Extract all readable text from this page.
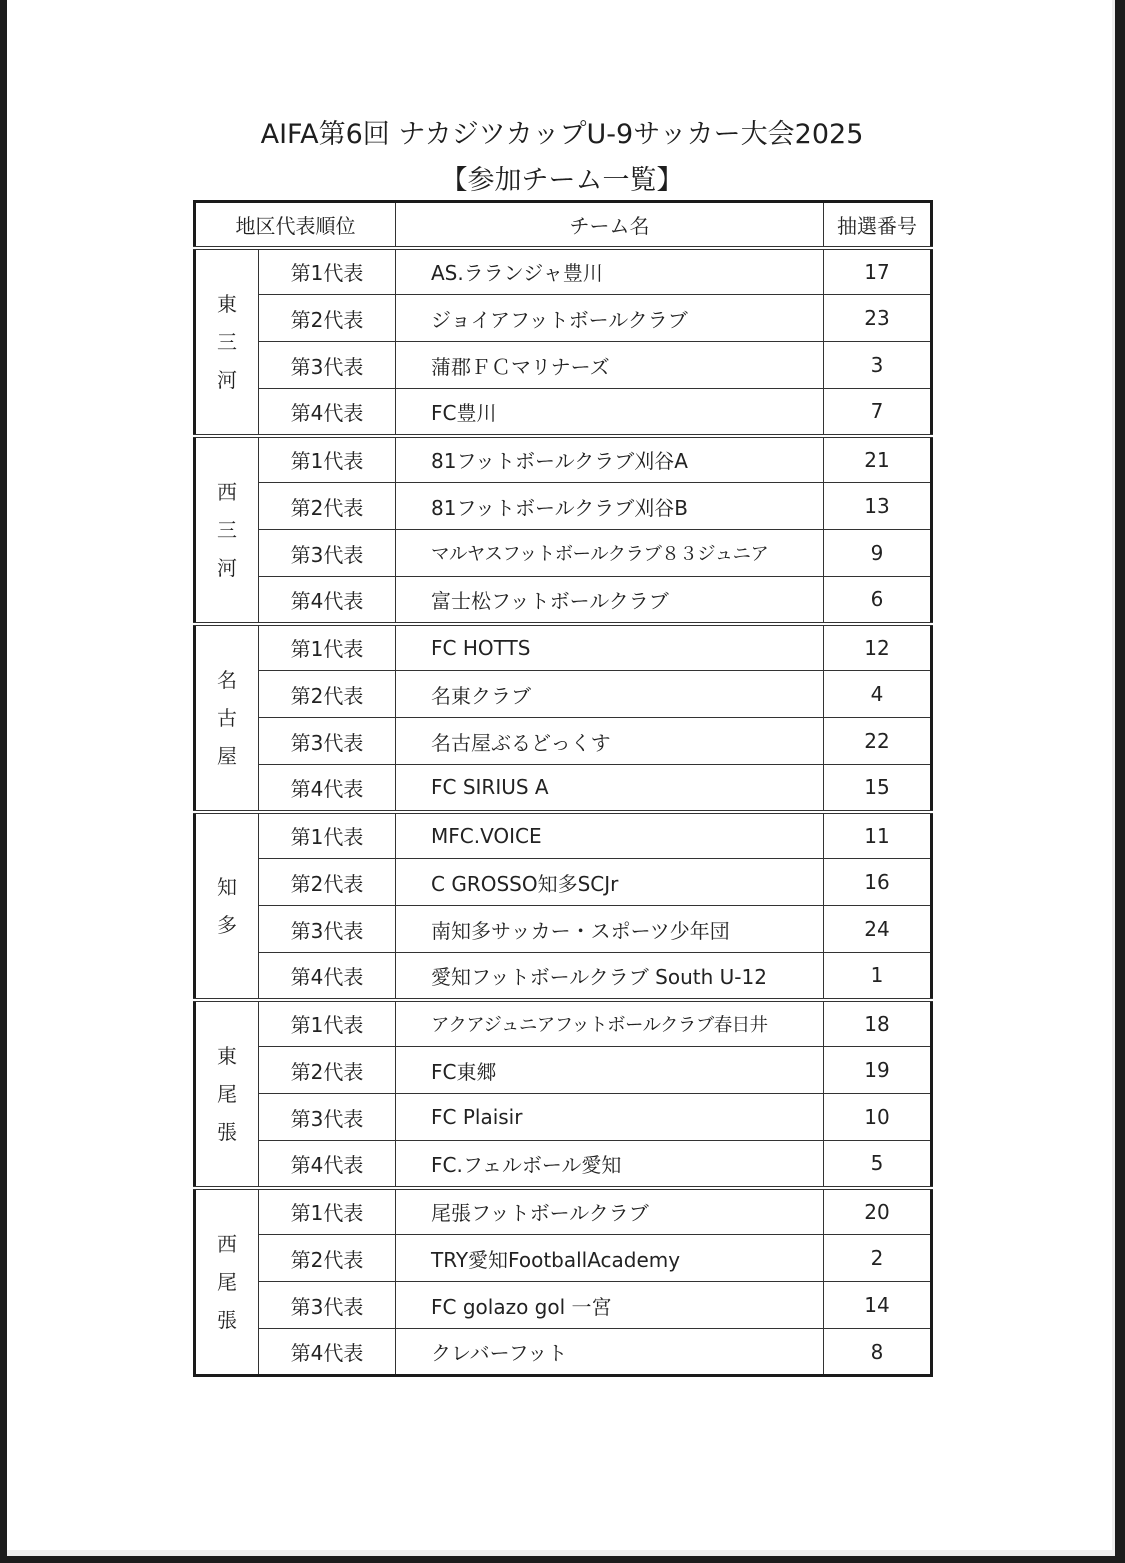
AIFA第6回 ナカジツカップU-9サッカー大会2025
【参加チーム一覧】
地区代表順位		チーム名	抽選番号

東
三
河	第1代表	AS.ラランジャ豊川	17
	第2代表	ジョイアフットボールクラブ	23
	第3代表	蒲郡ＦＣマリナーズ	3
	第4代表	FC豊川	7

西
三
河	第1代表	81フットボールクラブ刈谷A	21
	第2代表	81フットボールクラブ刈谷B	13
	第3代表	マルヤスフットボールクラブ８３ジュニア	9
	第4代表	富士松フットボールクラブ	6

名
古
屋	第1代表	FC HOTTS	12
	第2代表	名東クラブ	4
	第3代表	名古屋ぶるどっくす	22
	第4代表	FC SIRIUS A	15

知
多	第1代表	MFC.VOICE	11
	第2代表	C GROSSO知多SCJr	16
	第3代表	南知多サッカー・スポーツ少年団	24
	第4代表	愛知フットボールクラブ South U-12	1

東
尾
張	第1代表	アクアジュニアフットボールクラブ春日井	18
	第2代表	FC東郷	19
	第3代表	FC Plaisir	10
	第4代表	FC.フェルボール愛知	5

西
尾
張	第1代表	尾張フットボールクラブ	20
	第2代表	TRY愛知FootballAcademy	2
	第3代表	FC golazo gol 一宮	14
	第4代表	クレバーフット	8
